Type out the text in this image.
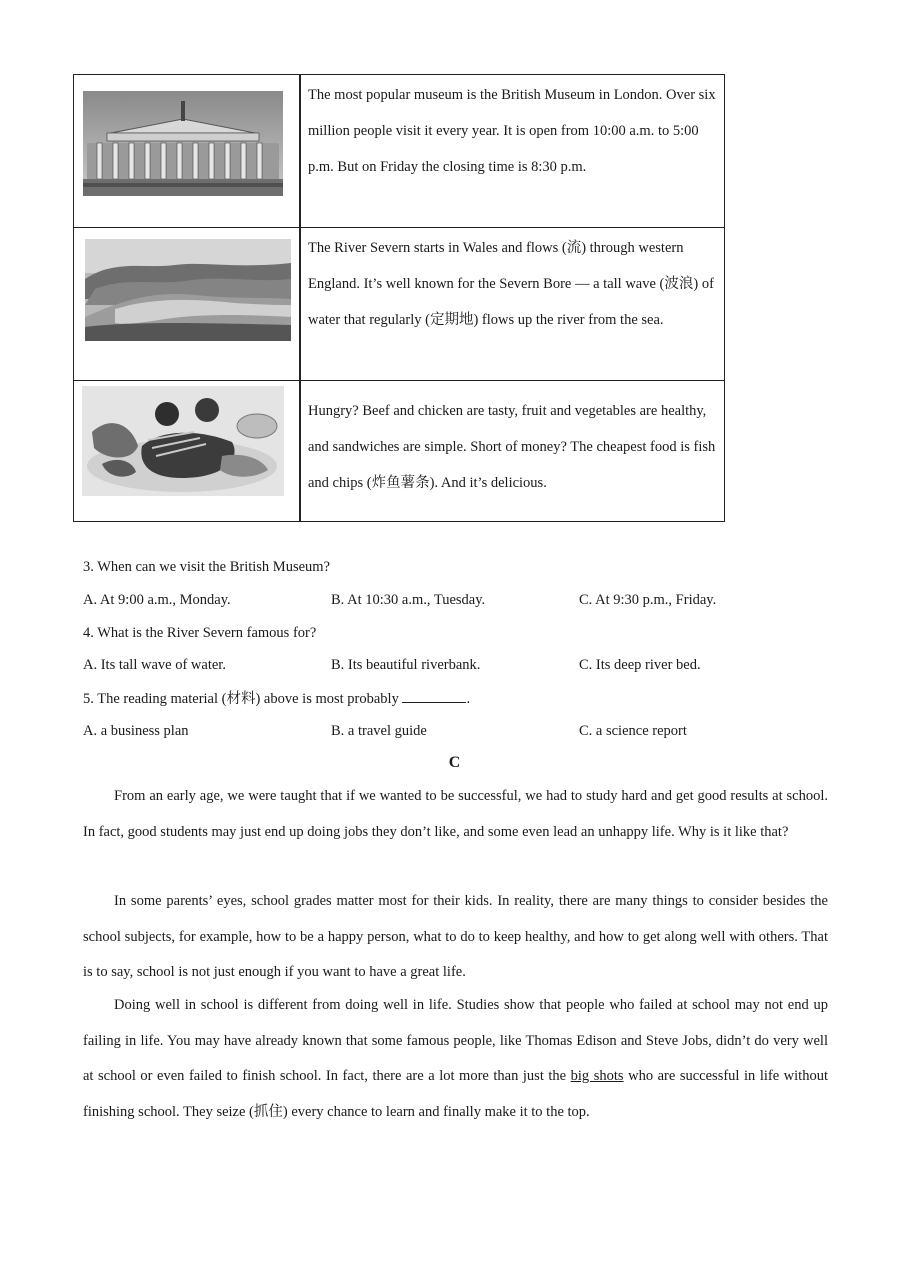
The most popular museum is the British Museum in London. Over six million people visit it every year. It is open from 10:00 a.m. to 5:00 p.m. But on Friday the closing time is 8:30 p.m.
The River Severn starts in Wales and flows (流) through western England. It’s well known for the Severn Bore — a tall wave (波浪) of water that regularly (定期地) flows up the river from the sea.
Hungry? Beef and chicken are tasty, fruit and vegetables are healthy, and sandwiches are simple. Short of money? The cheapest food is fish and chips (炸鱼薯条). And it’s delicious.
3. When can we visit the British Museum?
A. At 9:00 a.m., Monday.	B. At 10:30 a.m., Tuesday.	C. At 9:30 p.m., Friday.
4. What is the River Severn famous for?
A. Its tall wave of water.	B. Its beautiful riverbank.	C. Its deep river bed.
5. The reading material (材料) above is most probably	.
A. a business plan	B. a travel guide	C. a science report
C
From an early age, we were taught that if we wanted to be successful, we had to study hard and get good results at school. In fact, good students may just end up doing jobs they don’t like, and some even lead an unhappy life. Why is it like that?
In some parents’ eyes, school grades matter most for their kids. In reality, there are many things to consider besides the school subjects, for example, how to be a happy person, what to do to keep healthy, and how to get along well with others. That is to say, school is not just enough if you want to have a great life.
Doing well in school is different from doing well in life. Studies show that people who failed at school may not end up failing in life. You may have already known that some famous people, like Thomas Edison and Steve Jobs, didn’t do very well at school or even failed to finish school. In fact, there are a lot more than just the big shots who are successful in life without finishing school. They seize (抓住) every chance to learn and finally make it to the top.
